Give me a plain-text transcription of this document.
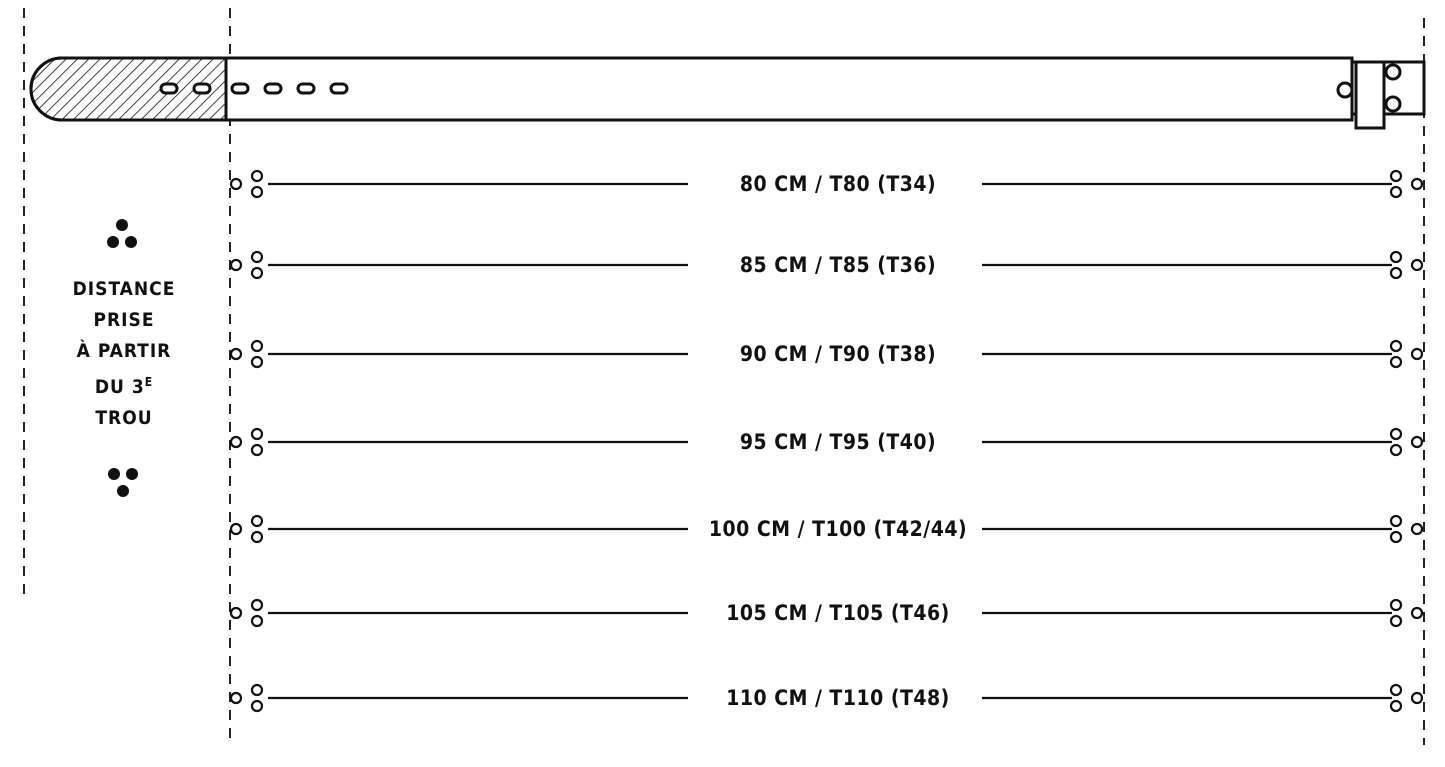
80 CM / T80 (T34)
85 CM / T85 (T36)
90 CM / T90 (T38)
95 CM / T95 (T40)
100 CM / T100 (T42/44)
105 CM / T105 (T46)
110 CM / T110 (T48)
DISTANCE
PRISE
À PARTIR
DU $3^E$
TROU
